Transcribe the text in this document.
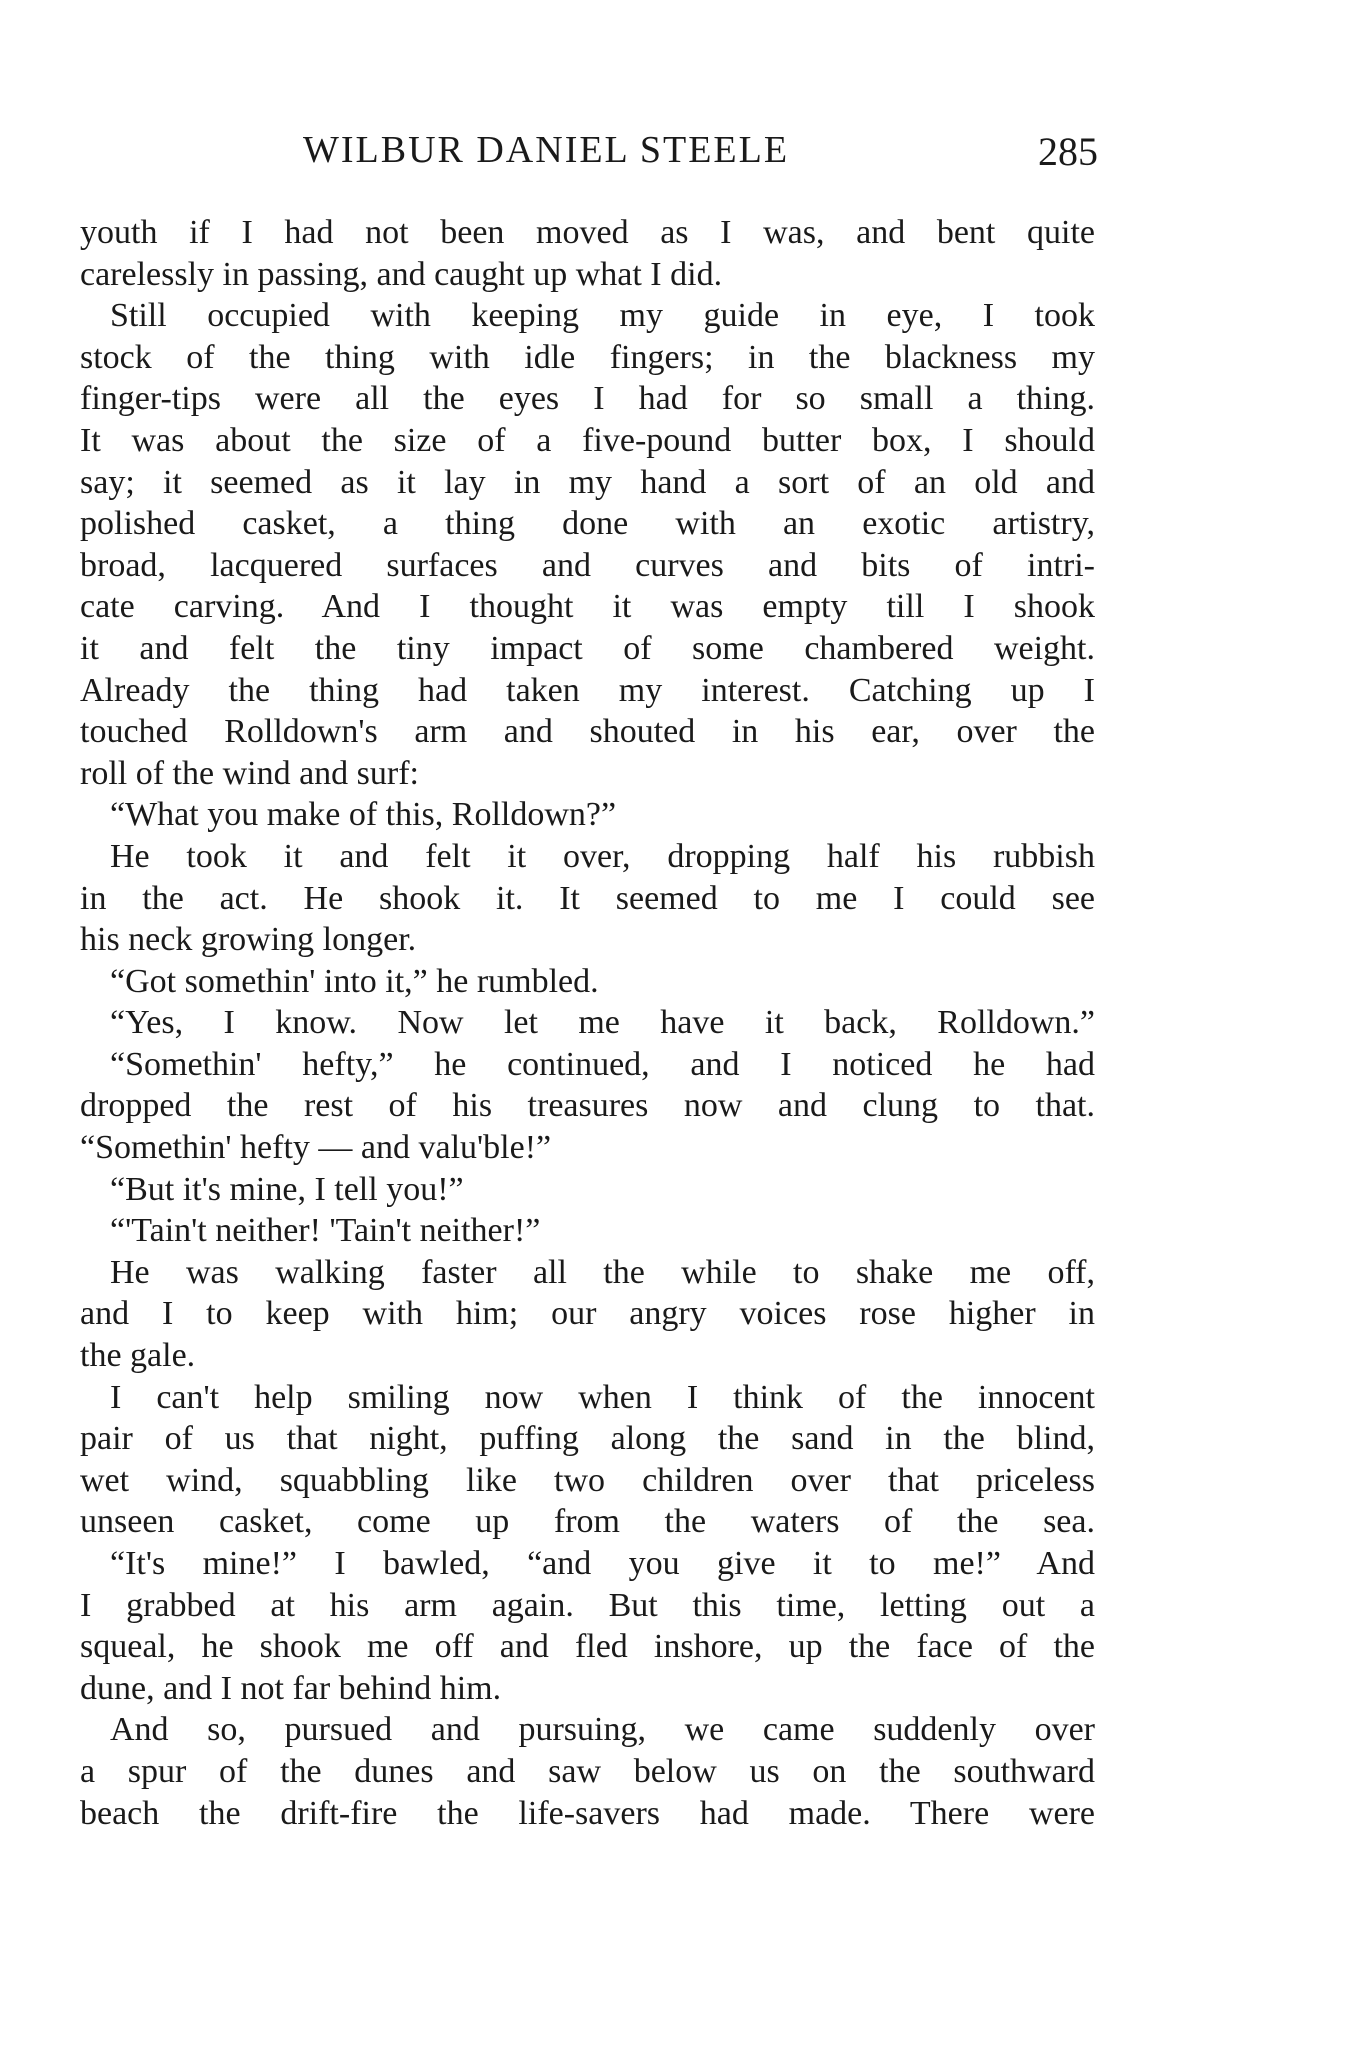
WILBUR DANIEL STEELE	285
youth if I had not been moved as I was, and bent quite
carelessly in passing, and caught up what I did.
Still occupied with keeping my guide in eye, I took
stock of the thing with idle fingers; in the blackness my
finger-tips were all the eyes I had for so small a thing.
It was about the size of a five-pound butter box, I should
say; it seemed as it lay in my hand a sort of an old and
polished casket, a thing done with an exotic artistry,
broad, lacquered surfaces and curves and bits of intri-
cate carving. And I thought it was empty till I shook
it and felt the tiny impact of some chambered weight.
Already the thing had taken my interest. Catching up I
touched Rolldown's arm and shouted in his ear, over the
roll of the wind and surf:
“What you make of this, Rolldown?”
He took it and felt it over, dropping half his rubbish
in the act. He shook it. It seemed to me I could see
his neck growing longer.
“Got somethin' into it,” he rumbled.
“Yes, I know. Now let me have it back, Rolldown.”
“Somethin' hefty,” he continued, and I noticed he had
dropped the rest of his treasures now and clung to that.
“Somethin' hefty — and valu'ble!”
“But it's mine, I tell you!”
“'Tain't neither! 'Tain't neither!”
He was walking faster all the while to shake me off,
and I to keep with him; our angry voices rose higher in
the gale.
I can't help smiling now when I think of the innocent
pair of us that night, puffing along the sand in the blind,
wet wind, squabbling like two children over that priceless
unseen casket, come up from the waters of the sea.
“It's mine!” I bawled, “and you give it to me!” And
I grabbed at his arm again. But this time, letting out a
squeal, he shook me off and fled inshore, up the face of the
dune, and I not far behind him.
And so, pursued and pursuing, we came suddenly over
a spur of the dunes and saw below us on the southward
beach the drift-fire the life-savers had made. There were
